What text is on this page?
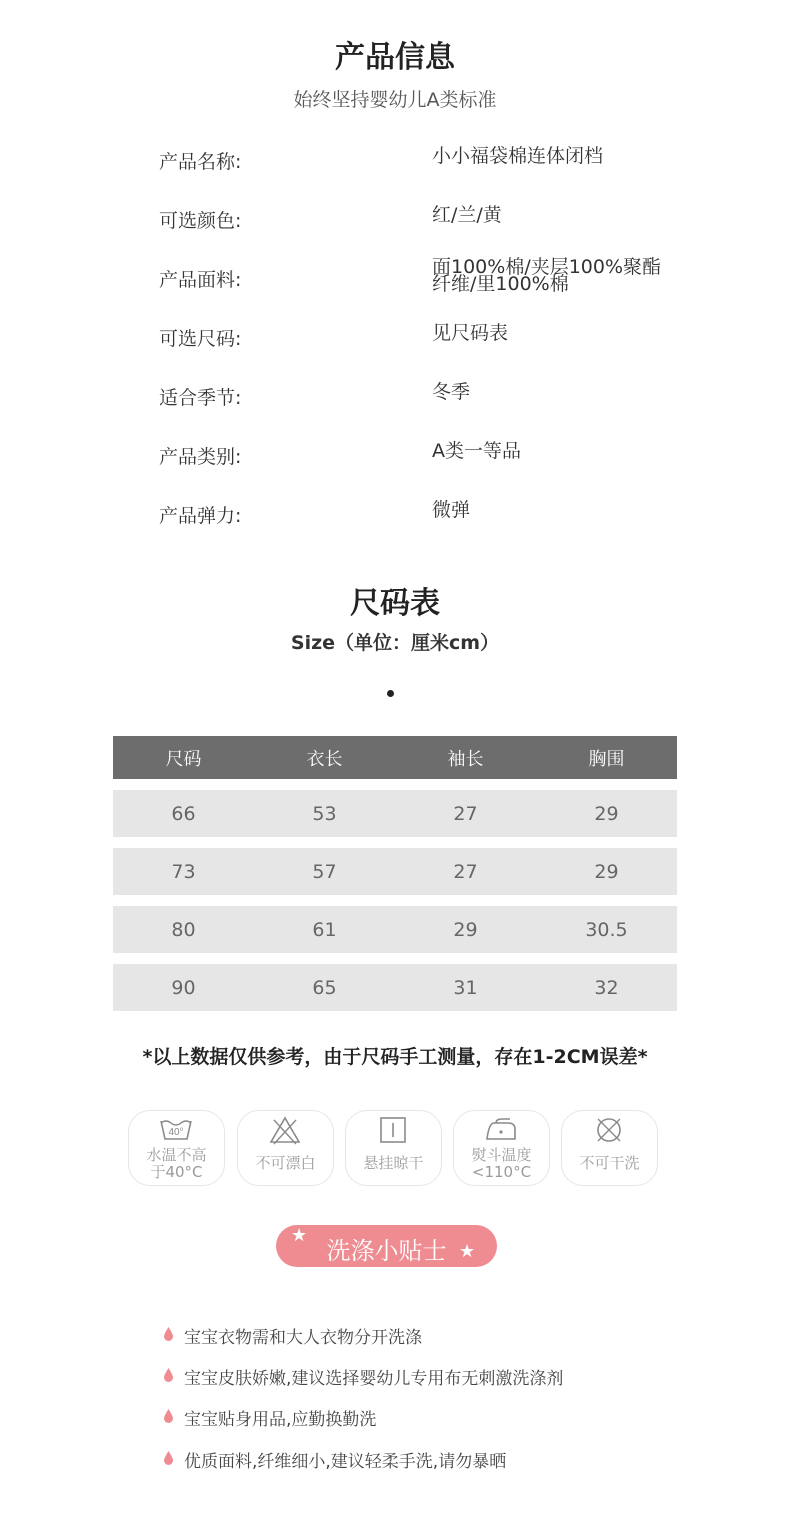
产品信息
始终坚持婴幼儿A类标准
产品名称:	小小福袋棉连体闭档
可选颜色:	红/兰/黄
产品面料:
面100%棉/夹层100%聚酯
纤维/里100%棉
可选尺码:	见尺码表
适合季节:	冬季
产品类别:	A类一等品
产品弹力:	微弹
尺码表
Size（单位：厘米cm）
尺码	衣长	袖长	胸围
66	53	27	29
73	57	27	29
80	61	29	30.5
90	65	31	32
*以上数据仅供参考，由于尺码手工测量，存在1-2CM误差*
40°
水温不高
于40°C	不可漂白	悬挂晾干	熨斗温度
<110°C	不可干洗
★
洗涤小贴士 ★
宝宝衣物需和大人衣物分开洗涤
宝宝皮肤娇嫩,建议选择婴幼儿专用布无刺激洗涤剂
宝宝贴身用品,应勤换勤洗
优质面料,纤维细小,建议轻柔手洗,请勿暴晒
